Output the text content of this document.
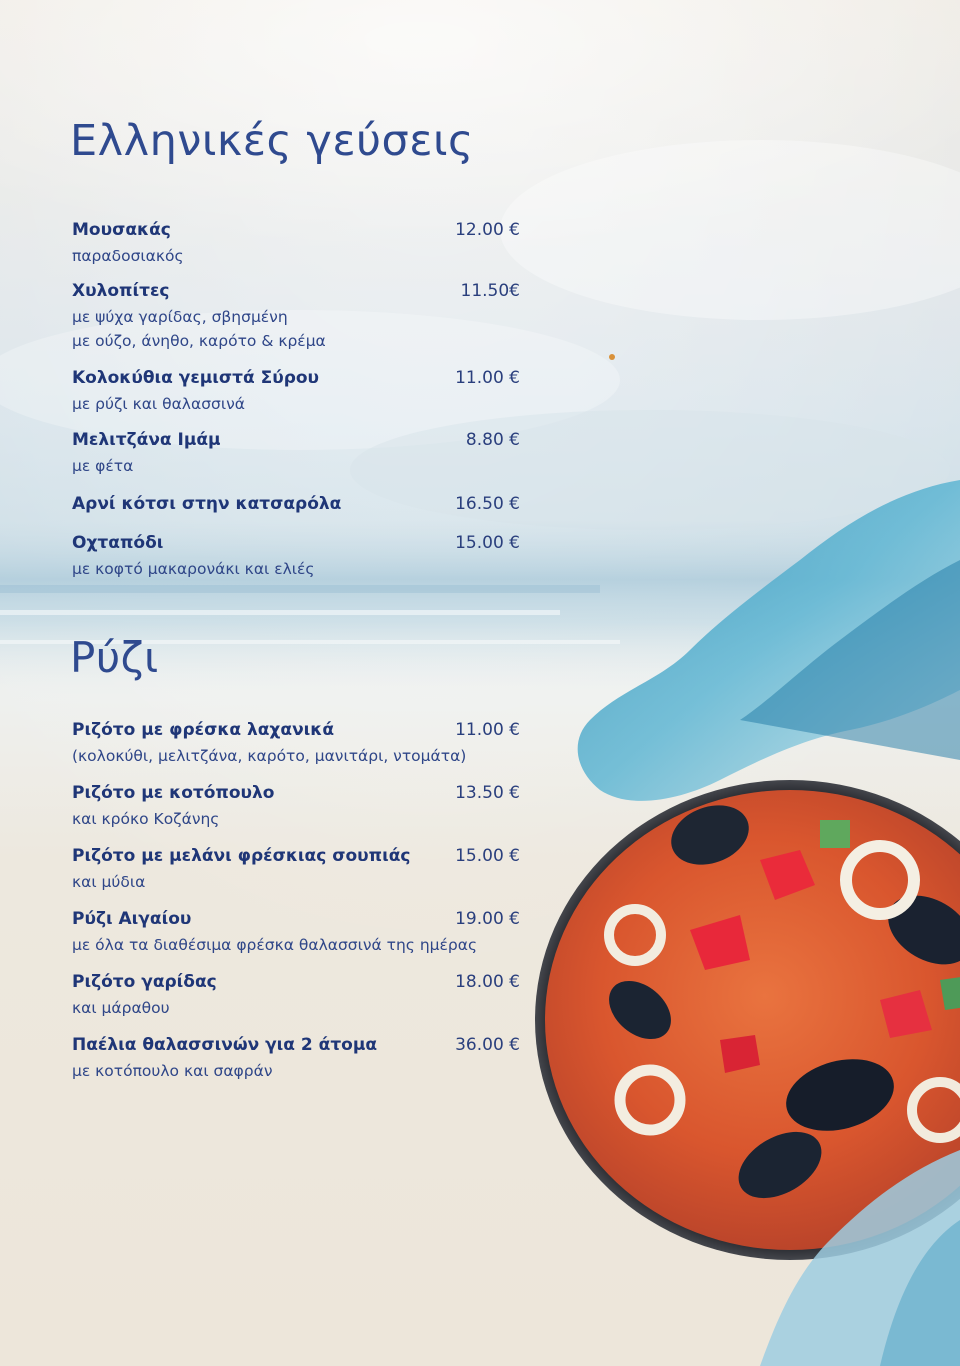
Ελληνικές γεύσεις
Μουσακάς	12.00 €
παραδοσιακός
Χυλοπίτες	11.50€
με ψύχα γαρίδας, σβησμένη
με ούζο, άνηθο, καρότο & κρέμα
Κολοκύθια γεμιστά Σύρου	11.00 €
με ρύζι και θαλασσινά
Μελιτζάνα Ιμάμ	8.80 €
με φέτα
Αρνί κότσι στην κατσαρόλα	16.50 €
Οχταπόδι	15.00 €
με κοφτό μακαρονάκι και ελιές
Ρύζι
Ριζότο με φρέσκα λαχανικά	11.00 €
(κολοκύθι, μελιτζάνα, καρότο, μανιτάρι, ντομάτα)
Ριζότο με κοτόπουλο	13.50 €
και κρόκο Κοζάνης
Ριζότο με μελάνι φρέσκιας σουπιάς	15.00 €
και μύδια
Ρύζι Αιγαίου	19.00 €
με όλα τα διαθέσιμα φρέσκα θαλασσινά της ημέρας
Ριζότο γαρίδας	18.00 €
και μάραθου
Παέλια θαλασσινών για 2 άτομα	36.00 €
με κοτόπουλο και σαφράν
